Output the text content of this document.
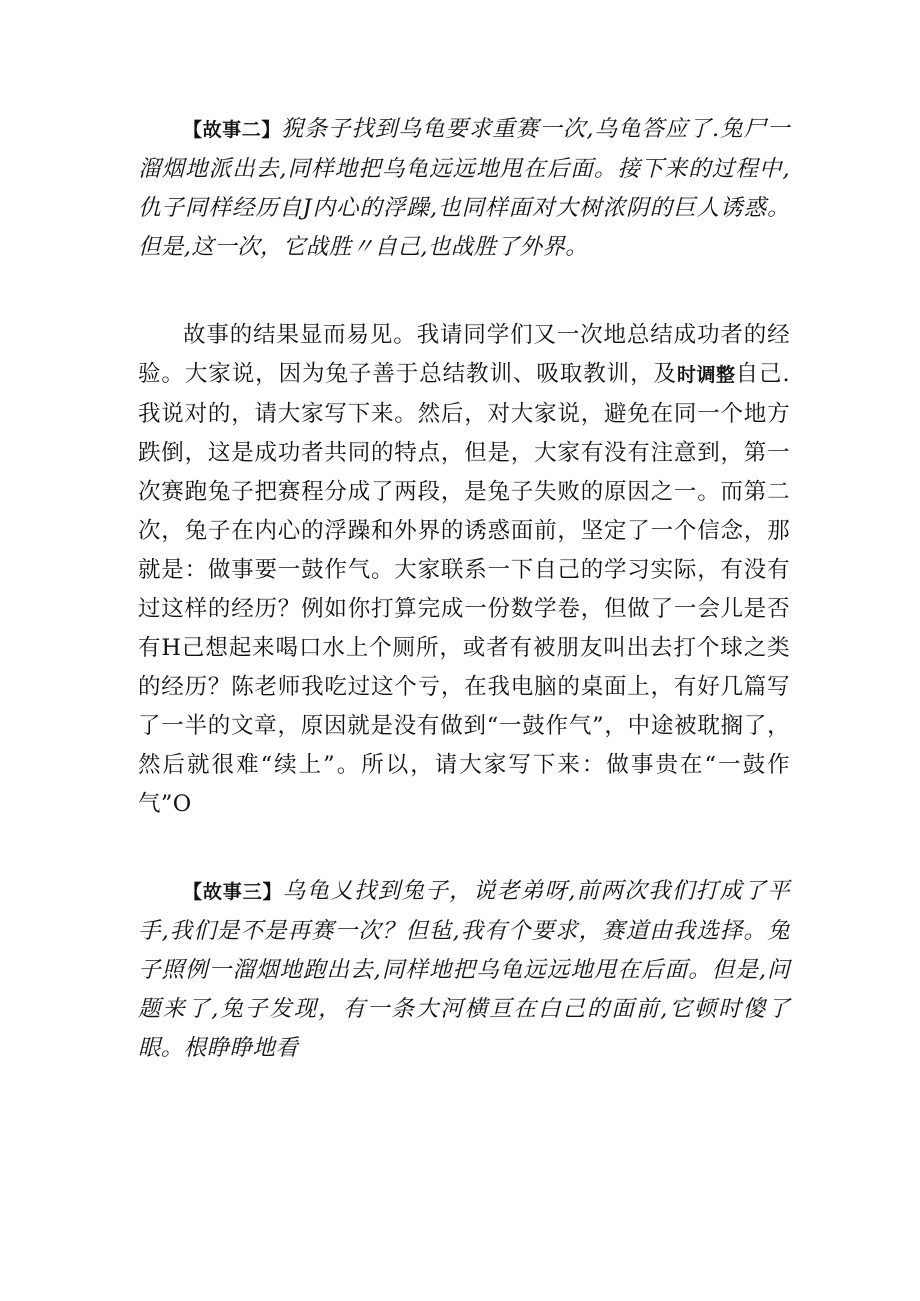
【故事二】猊条子找到乌龟要求重赛一次,乌龟答应了.兔尸一溜烟地派出去,同样地把乌龟远远地甩在后面。接下来的过程中,仇子同样经历自J内心的浮躁,也同样面对大树浓阴的巨人诱惑。但是,这一次，它战胜〃自己,也战胜了外界。

故事的结果显而易见。我请同学们又一次地总结成功者的经验。大家说，因为兔子善于总结教训、吸取教训，及时调整自己.我说对的，请大家写下来。然后，对大家说，避免在同一个地方跌倒，这是成功者共同的特点，但是，大家有没有注意到，第一次赛跑兔子把赛程分成了两段，是兔子失败的原因之一。而第二次，兔子在内心的浮躁和外界的诱惑面前，坚定了一个信念，那就是：做事要一鼓作气。大家联系一下自己的学习实际，有没有过这样的经历？例如你打算完成一份数学卷，但做了一会儿是否有H己想起来喝口水上个厕所，或者有被朋友叫出去打个球之类的经历？陈老师我吃过这个亏，在我电脑的桌面上，有好几篇写了一半的文章，原因就是没有做到“一鼓作气”，中途被耽搁了，然后就很难“续上”。所以，请大家写下来：做事贵在“一鼓作气”O

【故事三】乌龟乂找到兔子，说老弟呀,前两次我们打成了平手,我们是不是再赛一次？但毡,我有个要求，赛道由我选择。兔子照例一溜烟地跑出去,同样地把乌龟远远地甩在后面。但是,问题来了,兔子发现，有一条大河横亘在白己的面前,它顿时傻了眼。根睁睁地看
